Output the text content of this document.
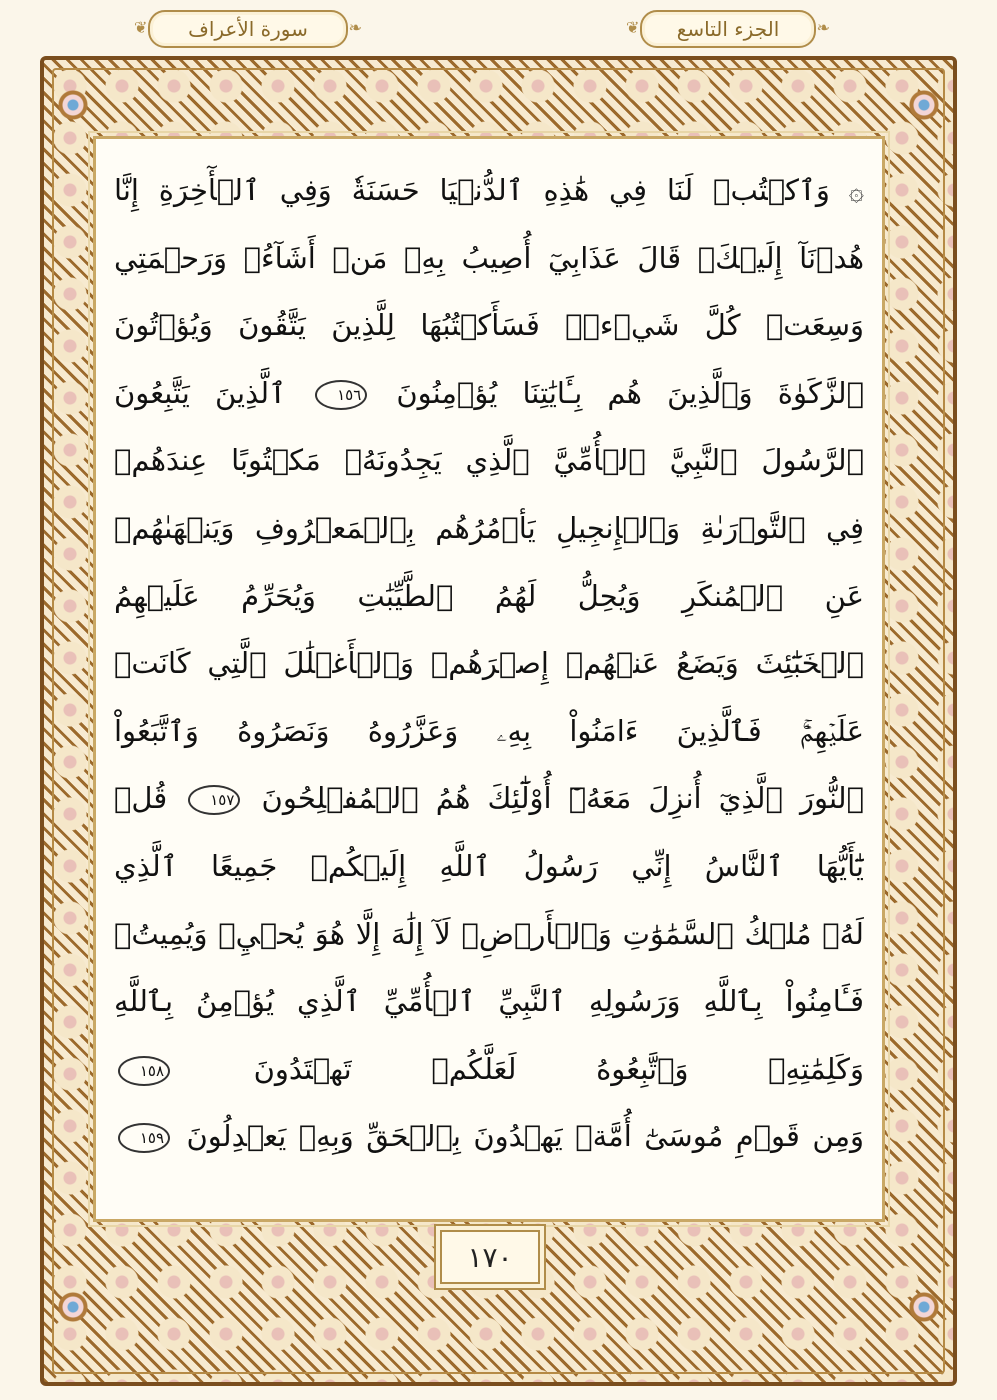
❦ سورة الأعراف	❧	❦ الجزء التاسع ❧
۞ وَٱكۡتُبۡ لَنَا فِي هَٰذِهِ ٱلدُّنۡيَا حَسَنَةٗ وَفِي ٱلۡأٓخِرَةِ إِنَّا
هُدۡنَآ إِلَيۡكَۚ قَالَ عَذَابِيٓ أُصِيبُ بِهِۦ مَنۡ أَشَآءُۖ وَرَحۡمَتِي
وَسِعَتۡ كُلَّ شَيۡءٖۚ فَسَأَكۡتُبُهَا لِلَّذِينَ يَتَّقُونَ وَيُؤۡتُونَ
ٱلزَّكَوٰةَ وَٱلَّذِينَ هُم بِـَٔايَٰتِنَا يُؤۡمِنُونَ ١٥٦ ٱلَّذِينَ يَتَّبِعُونَ
ٱلرَّسُولَ ٱلنَّبِيَّ ٱلۡأُمِّيَّ ٱلَّذِي يَجِدُونَهُۥ مَكۡتُوبًا عِندَهُمۡ
فِي ٱلتَّوۡرَىٰةِ وَٱلۡإِنجِيلِ يَأۡمُرُهُم بِٱلۡمَعۡرُوفِ وَيَنۡهَىٰهُمۡ
عَنِ ٱلۡمُنكَرِ وَيُحِلُّ لَهُمُ ٱلطَّيِّبَٰتِ وَيُحَرِّمُ عَلَيۡهِمُ
ٱلۡخَبَٰٓئِثَ وَيَضَعُ عَنۡهُمۡ إِصۡرَهُمۡ وَٱلۡأَغۡلَٰلَ ٱلَّتِي كَانَتۡ
عَلَيۡهِمۡۚ فَٱلَّذِينَ ءَامَنُواْ بِهِۦ وَعَزَّرُوهُ وَنَصَرُوهُ وَٱتَّبَعُواْ
ٱلنُّورَ ٱلَّذِيٓ أُنزِلَ مَعَهُۥٓ أُوْلَٰٓئِكَ هُمُ ٱلۡمُفۡلِحُونَ ١٥٧ قُلۡ
يَٰٓأَيُّهَا ٱلنَّاسُ إِنِّي رَسُولُ ٱللَّهِ إِلَيۡكُمۡ جَمِيعًا ٱلَّذِي
لَهُۥ مُلۡكُ ٱلسَّمَٰوَٰتِ وَٱلۡأَرۡضِۖ لَآ إِلَٰهَ إِلَّا هُوَ يُحۡيِۦ وَيُمِيتُۖ
فَـَٔامِنُواْ بِٱللَّهِ وَرَسُولِهِ ٱلنَّبِيِّ ٱلۡأُمِّيِّ ٱلَّذِي يُؤۡمِنُ بِٱللَّهِ
وَكَلِمَٰتِهِۦ وَٱتَّبِعُوهُ لَعَلَّكُمۡ تَهۡتَدُونَ ١٥٨
وَمِن قَوۡمِ مُوسَىٰٓ أُمَّةٞ يَهۡدُونَ بِٱلۡحَقِّ وَبِهِۦ يَعۡدِلُونَ ١٥٩
١٧٠
